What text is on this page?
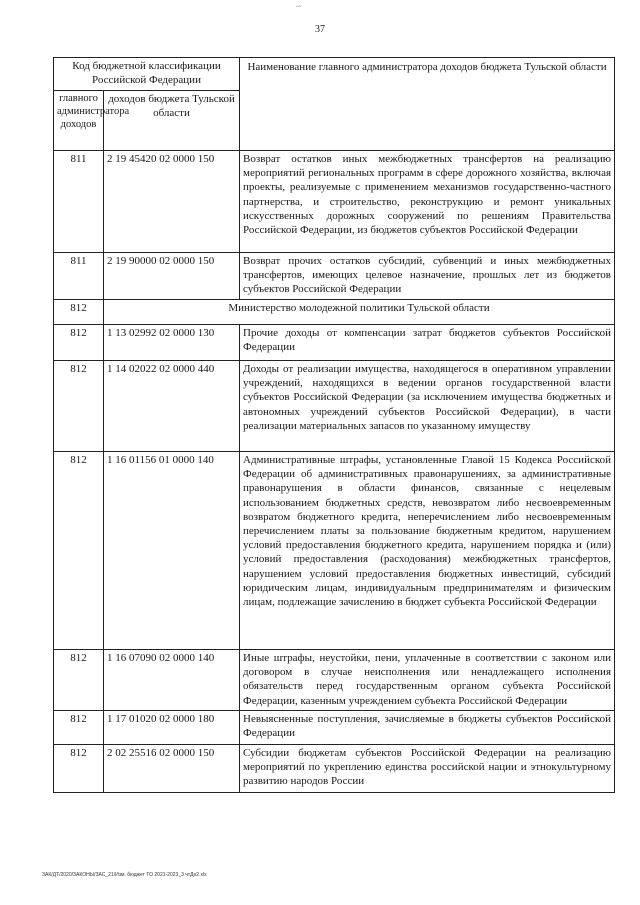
ˉ˜
37
Код бюджетной классификации Российской Федерации		Наименование главного администратора доходов бюджета Тульской области
главного администратора доходов	доходов бюджета Тульской области	
811	2 19 45420 02 0000 150	Возврат остатков иных межбюджетных трансфертов на реализацию мероприятий региональных программ в сфере дорожного хозяйства, включая проекты, реализуемые с применением механизмов государственно-частного партнерства, и строительство, реконструкцию и ремонт уникальных искусственных дорожных сооружений по решениям Правительства Российской Федерации, из бюджетов субъектов Российской Федерации
811	2 19 90000 02 0000 150	Возврат прочих остатков субсидий, субвенций и иных межбюджетных трансфертов, имеющих целевое назначение, прошлых лет из бюджетов субъектов Российской Федерации
812	Министерство молодежной политики Тульской области	
812	1 13 02992 02 0000 130	Прочие доходы от компенсации затрат бюджетов субъектов Российской Федерации
812	1 14 02022 02 0000 440	Доходы от реализации имущества, находящегося в оперативном управлении учреждений, находящихся в ведении органов государственной власти субъектов Российской Федерации (за исключением имущества бюджетных и автономных учреждений субъектов Российской Федерации), в части реализации материальных запасов по указанному имуществу
812	1 16 01156 01 0000 140	Административные штрафы, установленные Главой 15 Кодекса Российской Федерации об административных правонарушениях, за административные правонарушения в области финансов, связанные с нецелевым использованием бюджетных средств, невозвратом либо несвоевременным возвратом бюджетного кредита, неперечислением либо несвоевременным перечислением платы за пользование бюджетным кредитом, нарушением условий предоставления бюджетного кредита, нарушением порядка и (или) условий предоставления (расходования) межбюджетных трансфертов, нарушением условий предоставления бюджетных инвестиций, субсидий юридическим лицам, индивидуальным предпринимателям и физическим лицам, подлежащие зачислению в бюджет субъекта Российской Федерации
812	1 16 07090 02 0000 140	Иные штрафы, неустойки, пени, уплаченные в соответствии с законом или договором в случае неисполнения или ненадлежащего исполнения обязательств перед государственным органом субъекта Российской Федерации, казенным учреждением субъекта Российской Федерации
812	1 17 01020 02 0000 180	Невыясненные поступления, зачисляемые в бюджеты субъектов Российской Федерации
812	2 02 25516 02 0000 150	Субсидии бюджетам субъектов Российской Федерации на реализацию мероприятий по укреплению единства российской нации и этнокультурному развитию народов России
ЗАК/ДТ/2020/ЗАКОНЫ/ЗАС_21/Изм. бюджет ТО 2021-2023_3 чтДе2.xls
